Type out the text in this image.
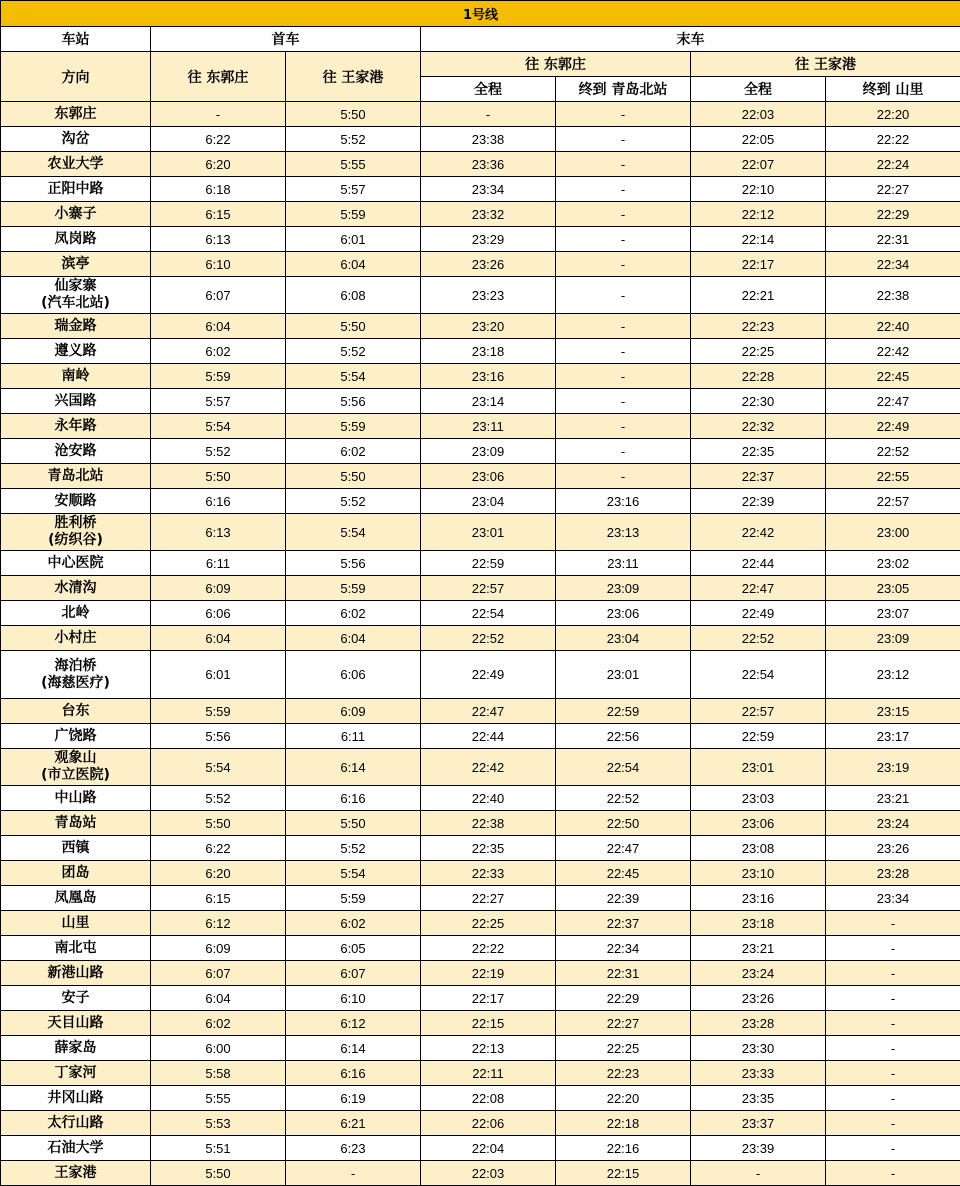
1号线						
车站	首车		末车			
方向	往 东郭庄	往 王家港	往 东郭庄		往 王家港	
			全程	终到 青岛北站	全程	终到 山里

东郭庄	-	5:50	-	-	22:03	22:20

沟岔	6:22	5:52	23:38	-	22:05	22:22

农业大学	6:20	5:55	23:36	-	22:07	22:24

正阳中路	6:18	5:57	23:34	-	22:10	22:27

小寨子	6:15	5:59	23:32	-	22:12	22:29

凤岗路	6:13	6:01	23:29	-	22:14	22:31

滨亭	6:10	6:04	23:26	-	22:17	22:34

仙家寨
(汽车北站)	6:07	6:08	23:23	-	22:21	22:38

瑞金路	6:04	5:50	23:20	-	22:23	22:40

遵义路	6:02	5:52	23:18	-	22:25	22:42

南岭	5:59	5:54	23:16	-	22:28	22:45

兴国路	5:57	5:56	23:14	-	22:30	22:47

永年路	5:54	5:59	23:11	-	22:32	22:49

沧安路	5:52	6:02	23:09	-	22:35	22:52

青岛北站	5:50	5:50	23:06	-	22:37	22:55

安顺路	6:16	5:52	23:04	23:16	22:39	22:57

胜利桥
(纺织谷)	6:13	5:54	23:01	23:13	22:42	23:00

中心医院	6:11	5:56	22:59	23:11	22:44	23:02

水清沟	6:09	5:59	22:57	23:09	22:47	23:05

北岭	6:06	6:02	22:54	23:06	22:49	23:07

小村庄	6:04	6:04	22:52	23:04	22:52	23:09

海泊桥
(海慈医疗)	6:01	6:06	22:49	23:01	22:54	23:12

台东	5:59	6:09	22:47	22:59	22:57	23:15

广饶路	5:56	6:11	22:44	22:56	22:59	23:17

观象山
(市立医院)	5:54	6:14	22:42	22:54	23:01	23:19

中山路	5:52	6:16	22:40	22:52	23:03	23:21

青岛站	5:50	5:50	22:38	22:50	23:06	23:24

西镇	6:22	5:52	22:35	22:47	23:08	23:26

团岛	6:20	5:54	22:33	22:45	23:10	23:28

凤凰岛	6:15	5:59	22:27	22:39	23:16	23:34

山里	6:12	6:02	22:25	22:37	23:18	-

南北屯	6:09	6:05	22:22	22:34	23:21	-

新港山路	6:07	6:07	22:19	22:31	23:24	-

安子	6:04	6:10	22:17	22:29	23:26	-

天目山路	6:02	6:12	22:15	22:27	23:28	-

薛家岛	6:00	6:14	22:13	22:25	23:30	-

丁家河	5:58	6:16	22:11	22:23	23:33	-

井冈山路	5:55	6:19	22:08	22:20	23:35	-

太行山路	5:53	6:21	22:06	22:18	23:37	-

石油大学	5:51	6:23	22:04	22:16	23:39	-

王家港	5:50	-	22:03	22:15	-	-
